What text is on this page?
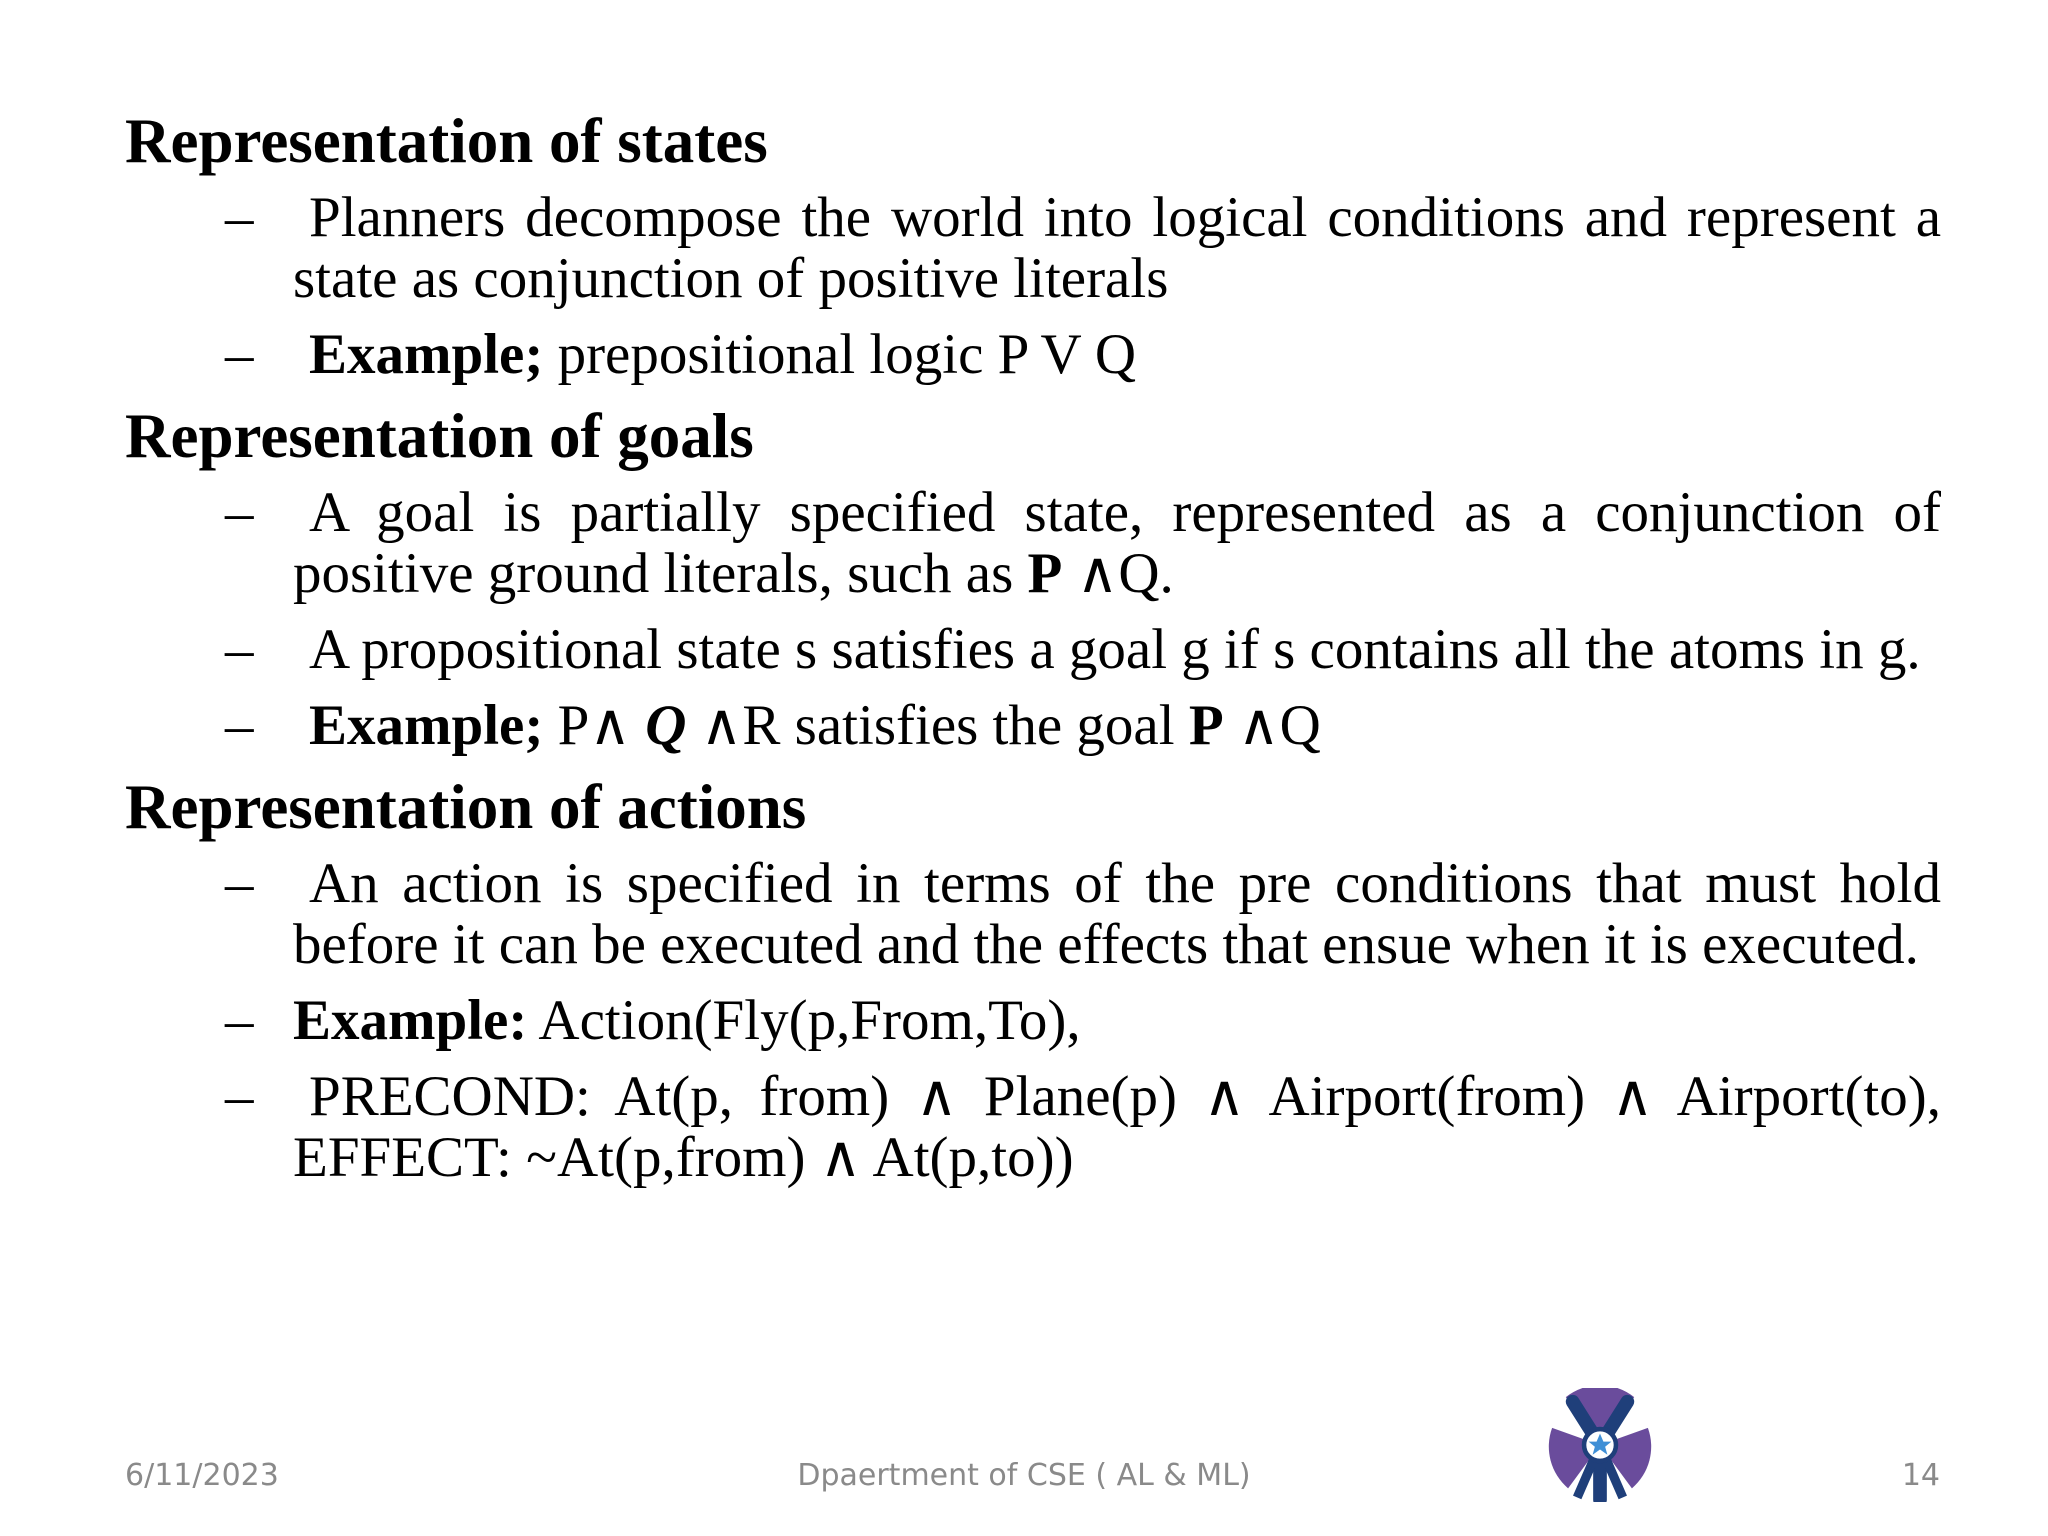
Representation of states
– Planners decompose the world into logical conditions and represent a state as conjunction of positive literals
– Example; prepositional logic P V Q
Representation of goals
– A goal is partially specified state, represented as a conjunction of positive ground literals, such as P ∧Q.
– A propositional state s satisfies a goal g if s contains all the atoms in g.
– Example; P∧ Q ∧R satisfies the goal P ∧Q
Representation of actions
– An action is specified in terms of the pre conditions that must hold before it can be executed and the effects that ensue when it is executed.
– Example: Action(Fly(p,From,To),
– PRECOND: At(p, from) ∧ Plane(p) ∧ Airport(from) ∧ Airport(to), EFFECT: ~At(p,from) ∧ At(p,to))
6/11/2023	Dpaertment of CSE ( AL & ML)	14
